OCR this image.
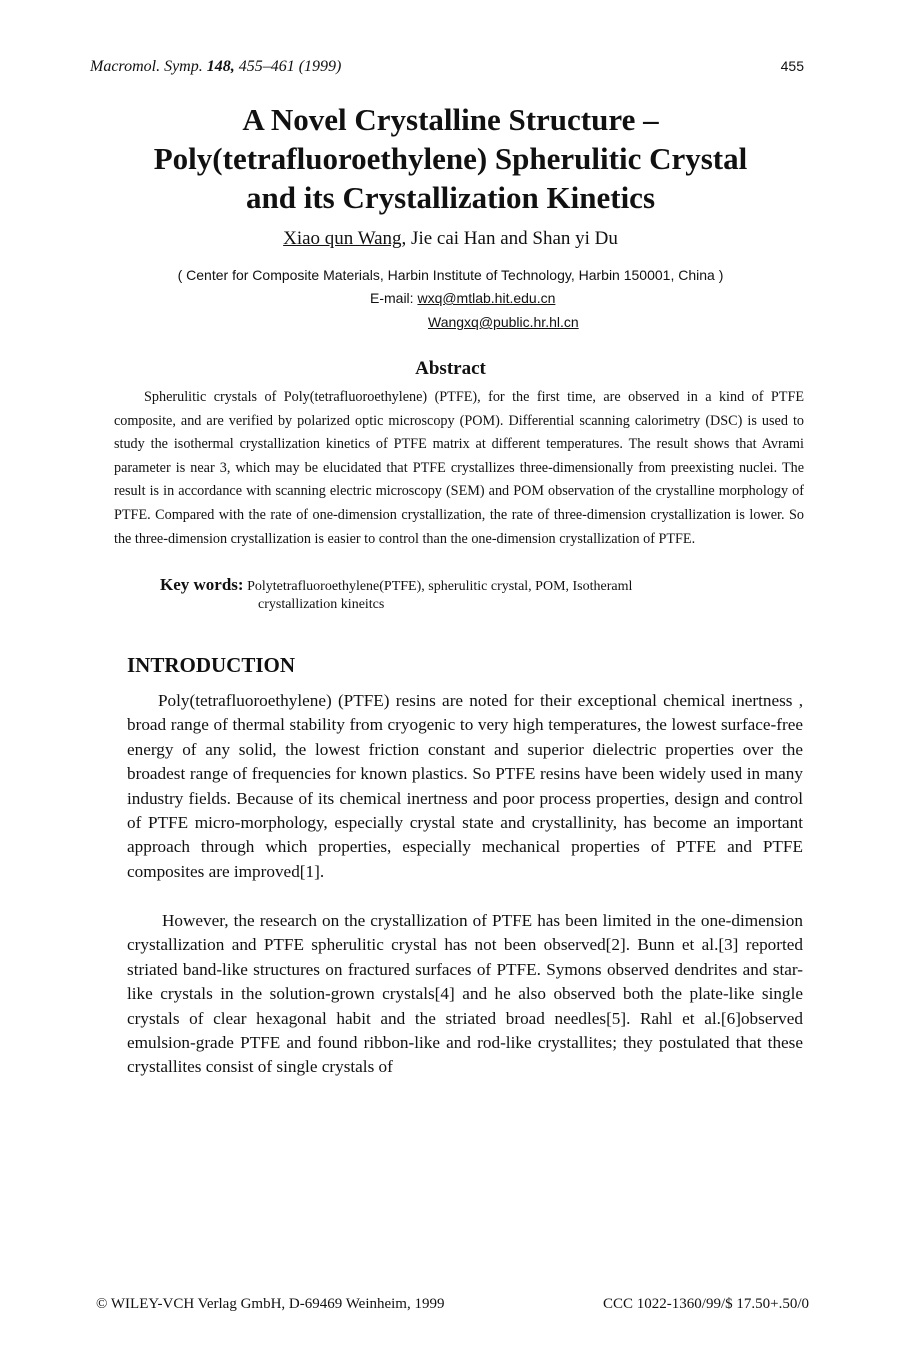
Macromol. Symp. 148, 455–461 (1999)	455
A Novel Crystalline Structure –
Poly(tetrafluoroethylene) Spherulitic Crystal
and its Crystallization Kinetics
Xiao qun Wang, Jie cai Han and Shan yi Du
( Center for Composite Materials, Harbin Institute of Technology, Harbin 150001, China )
E-mail: wxq@mtlab.hit.edu.cn
Wangxq@public.hr.hl.cn
Abstract

Spherulitic crystals of Poly(tetrafluoroethylene) (PTFE), for the first time, are observed in a kind of PTFE composite, and are verified by polarized optic microscopy (POM). Differential scanning calorimetry (DSC) is used to study the isothermal crystallization kinetics of PTFE matrix at different temperatures. The result shows that Avrami parameter is near 3, which may be elucidated that PTFE crystallizes three-dimensionally from preexisting nuclei. The result is in accordance with scanning electric microscopy (SEM) and POM observation of the crystalline morphology of PTFE. Compared with the rate of one-dimension crystallization, the rate of three-dimension crystallization is lower. So the three-dimension crystallization is easier to control than the one-dimension crystallization of PTFE.

Key words: Polytetrafluoroethylene(PTFE), spherulitic crystal, POM, Isotheraml
crystallization kineitcs
INTRODUCTION

Poly(tetrafluoroethylene) (PTFE) resins are noted for their exceptional chemical inertness , broad range of thermal stability from cryogenic to very high temperatures, the lowest surface-free energy of any solid, the lowest friction constant and superior dielectric properties over the broadest range of frequencies for known plastics. So PTFE resins have been widely used in many industry fields. Because of its chemical inertness and poor process properties, design and control of PTFE micro-morphology, especially crystal state and crystallinity, has become an important approach through which properties, especially mechanical properties of PTFE and PTFE composites are improved[1].

However, the research on the crystallization of PTFE has been limited in the one-dimension crystallization and PTFE spherulitic crystal has not been observed[2]. Bunn et al.[3] reported striated band-like structures on fractured surfaces of PTFE. Symons observed dendrites and star-like crystals in the solution-grown crystals[4] and he also observed both the plate-like single crystals of clear hexagonal habit and the striated broad needles[5]. Rahl et al.[6]observed emulsion-grade PTFE and found ribbon-like and rod-like crystallites; they postulated that these crystallites consist of single crystals of

© WILEY-VCH Verlag GmbH, D-69469 Weinheim, 1999	CCC 1022-1360/99/$ 17.50+.50/0
